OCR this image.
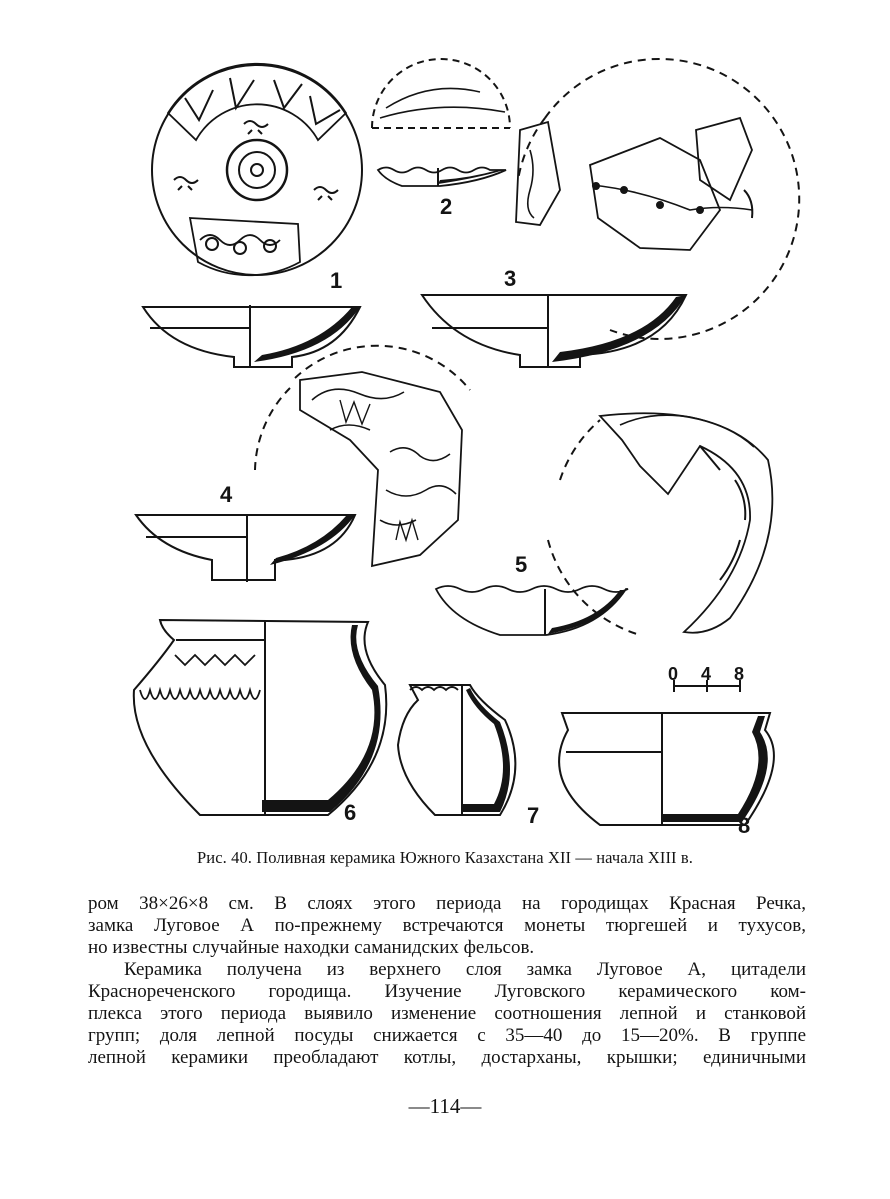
1
2
3
4
5
6	7	8
0 4 8
Рис. 40. Поливная керамика Южного Казахстана XII — начала XIII в.

ром 38×26×8 см. В слоях этого периода на городищах Красная Речка,

замка Луговое А по-прежнему встречаются монеты тюргешей и тухусов,

но известны случайные находки саманидских фельсов.

Керамика получена из верхнего слоя замка Луговое А, цитадели

Краснореченского городища. Изучение Луговского керамического ком-

плекса этого периода выявило изменение соотношения лепной и станковой

групп; доля лепной посуды снижается с 35—40 до 15—20%. В группе

лепной керамики преобладают котлы, достарханы, крышки; единичными

—114—
